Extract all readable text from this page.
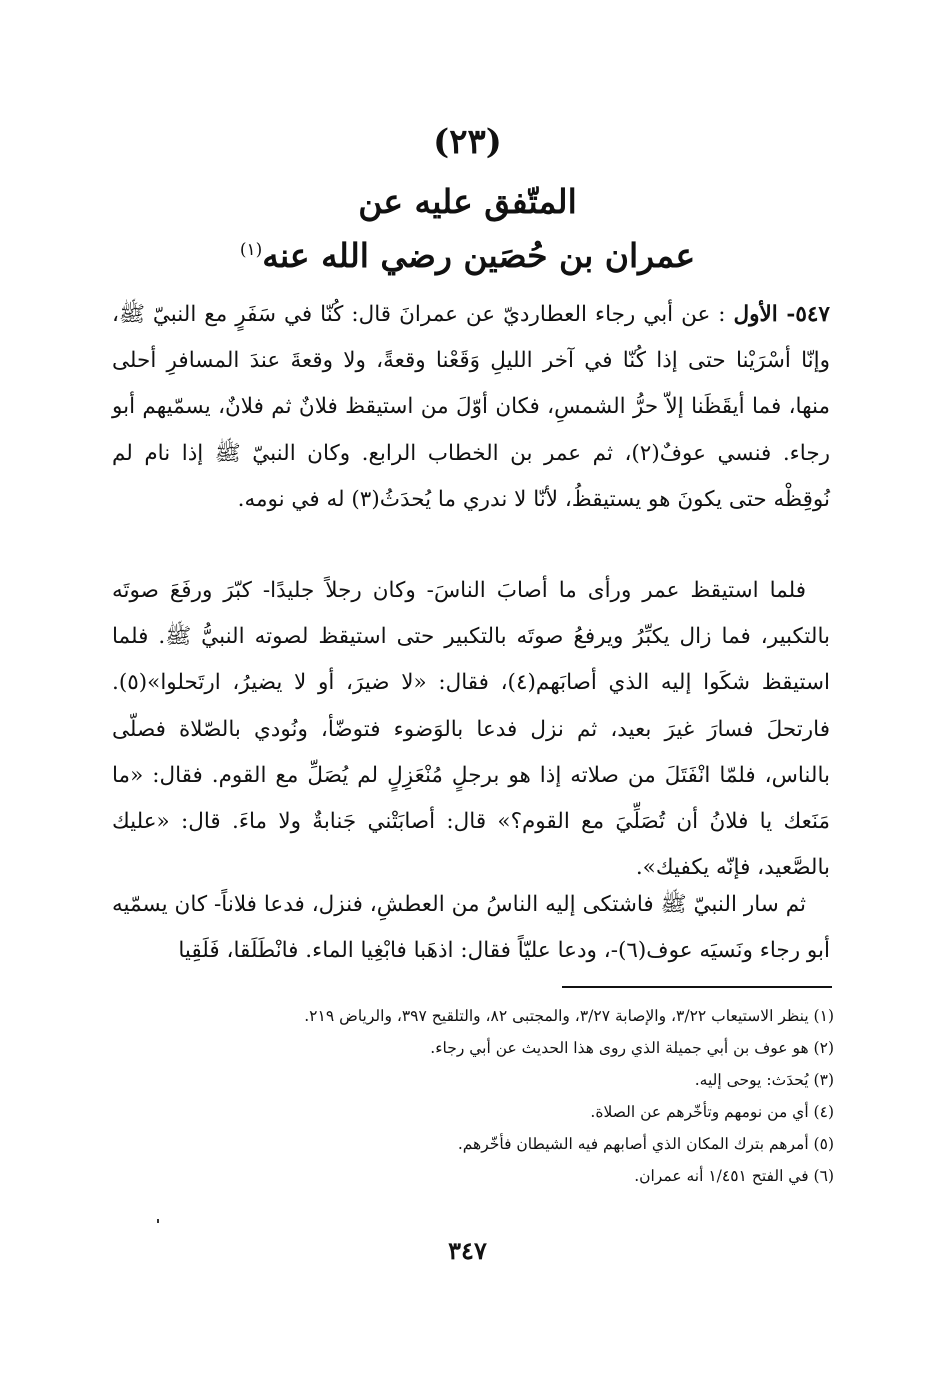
(٢٣)
المتّفق عليه عن
عمران بن حُصَين رضي الله عنه$^{(١)}$
٥٤٧- الأول : عن أبي رجاء العطارديّ عن عمرانَ قال: كُنّا في سَفَرٍ مع النبيّ ﷺ، وإنّا أسْرَيْنا حتى إذا كُنّا في آخر الليلِ وَقَعْنا وقعةً، ولا وقعةَ عندَ المسافرِ أحلى منها، فما أيقَظَنا إلاّ حرُّ الشمسِ، فكان أوّلَ من استيقظ فلانٌ ثم فلانٌ، يسمّيهم أبو رجاء. فنسي عوفٌ(٢)، ثم عمر بن الخطاب الرابع. وكان النبيّ ﷺ إذا نام لم نُوقِظْه حتى يكونَ هو يستيقظُ، لأنّا لا ندري ما يُحدَثُ(٣) له في نومه.
فلما استيقظ عمر ورأى ما أصابَ الناسَ- وكان رجلاً جليدًا- كبّرَ ورفَعَ صوتَه بالتكبير، فما زال يكبِّرُ ويرفعُ صوتَه بالتكبير حتى استيقظ لصوته النبيُّ ﷺ. فلما استيقظ شكَوا إليه الذي أصابَهم(٤)، فقال: «لا ضيرَ، أو لا يضيرُ، ارتَحلوا»(٥). فارتحلَ فسارَ غيرَ بعيد، ثم نزل فدعا بالوَضوء فتوضّأ، ونُودي بالصّلاة فصلّى بالناس، فلمّا انْفَتَلَ من صلاته إذا هو برجلٍ مُنْعَزِلٍ لم يُصَلِّ مع القوم. فقال: «ما مَنَعك يا فلانُ أن تُصَلِّيَ مع القوم؟» قال: أصابَتْني جَنابةٌ ولا ماءَ. قال: «عليك بالصَّعيد، فإنّه يكفيك».
ثم سار النبيّ ﷺ فاشتكى إليه الناسُ من العطشِ، فنزل، فدعا فلاناً- كان يسمّيه أبو رجاء ونَسيَه عوف(٦)-، ودعا عليّاً فقال: اذهَبا فابْغِيا الماء. فانْطَلَقا، فَلَقِيا
(١) ينظر الاستيعاب ٣/٢٢، والإصابة ٣/٢٧، والمجتبى ٨٢، والتلقيح ٣٩٧، والرياض ٢١٩.
(٢) هو عوف بن أبي جميلة الذي روى هذا الحديث عن أبي رجاء.
(٣) يُحدَث: يوحى إليه.
(٤) أي من نومهم وتأخّرهم عن الصلاة.
(٥) أمرهم بترك المكان الذي أصابهم فيه الشيطان فأخّرهم.
(٦) في الفتح ١/٤٥١ أنه عمران.
٣٤٧
